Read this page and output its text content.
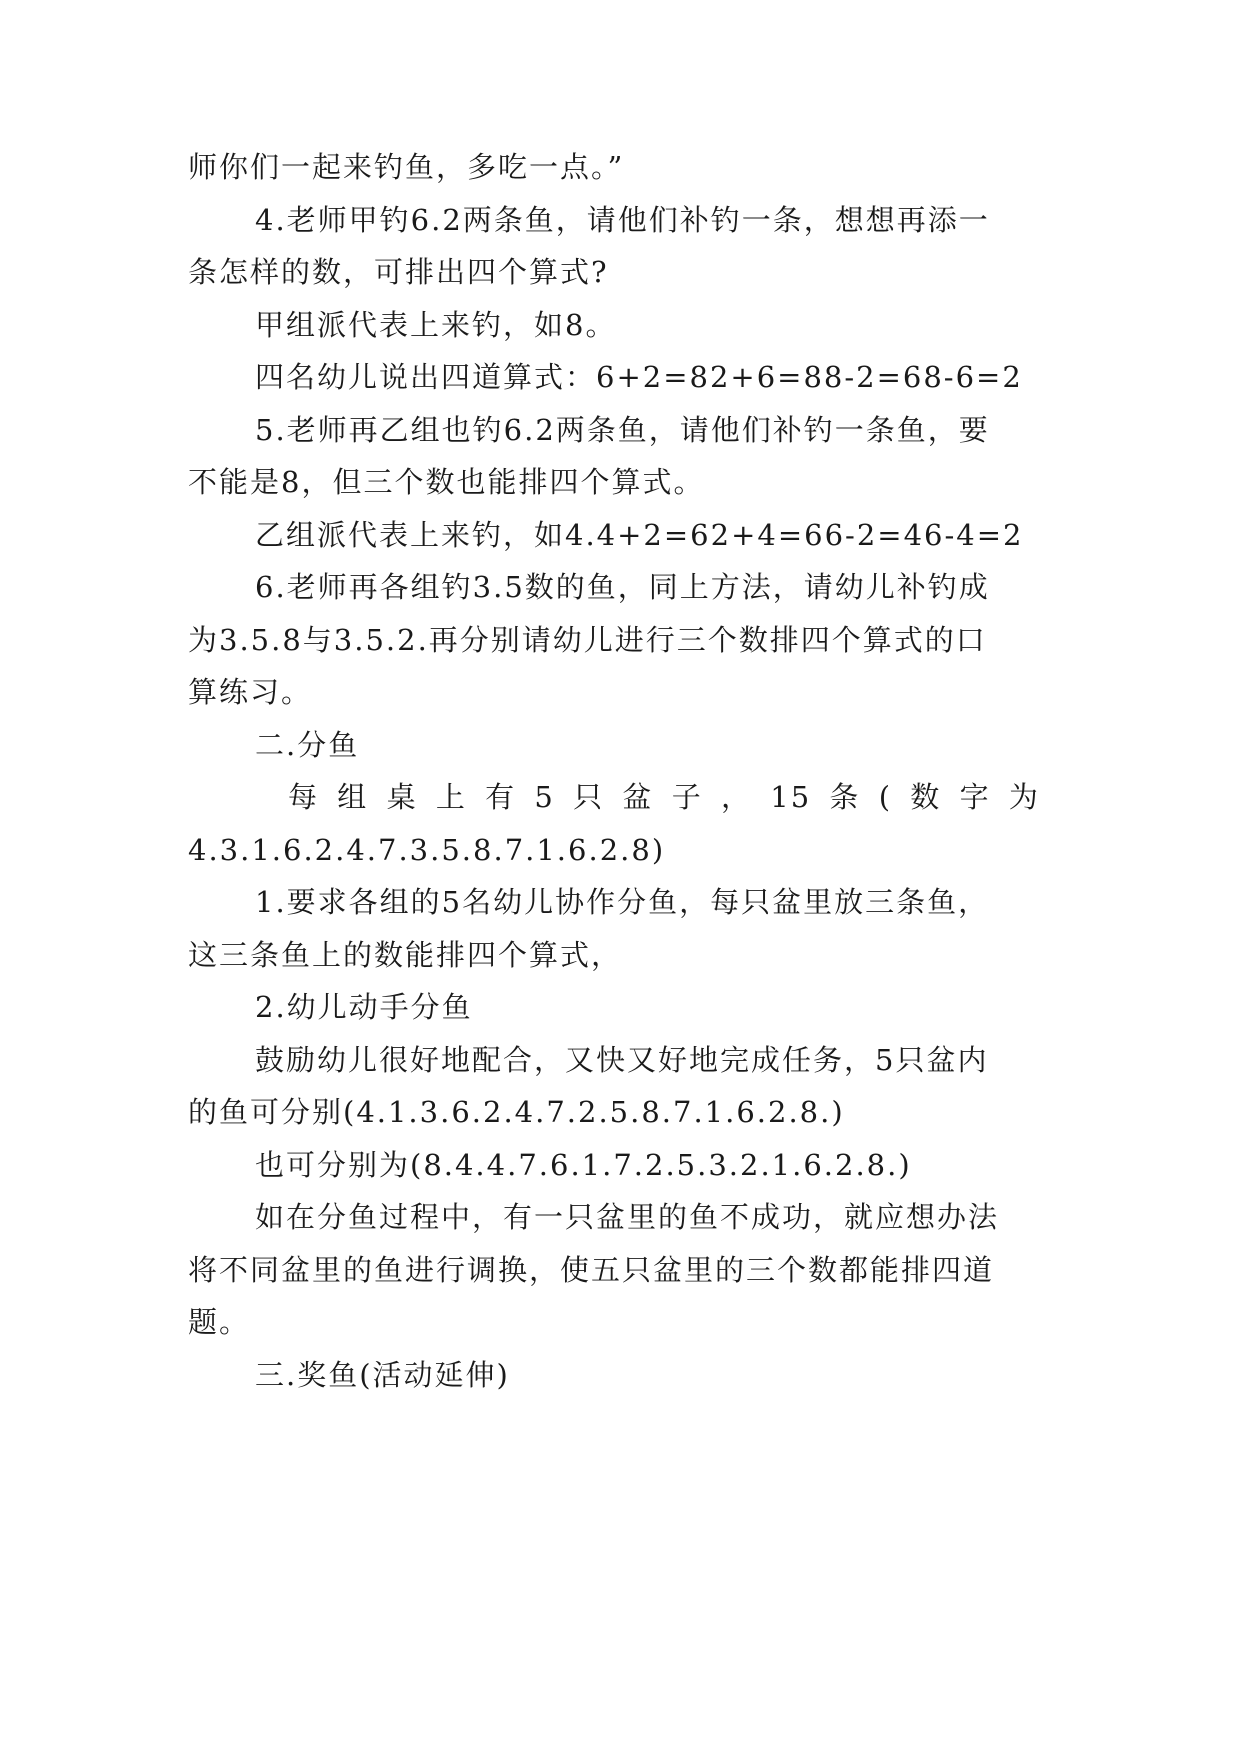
师你们一起来钓鱼，多吃一点。”
4.老师甲钓6.2两条鱼，请他们补钓一条，想想再添一
条怎样的数，可排出四个算式?
甲组派代表上来钓，如8。
四名幼儿说出四道算式：6+2=82+6=88-2=68-6=2
5.老师再乙组也钓6.2两条鱼，请他们补钓一条鱼，要
不能是8，但三个数也能排四个算式。
乙组派代表上来钓，如4.4+2=62+4=66-2=46-4=2
6.老师再各组钓3.5数的鱼，同上方法，请幼儿补钓成
为3.5.8与3.5.2.再分别请幼儿进行三个数排四个算式的口
算练习。
二.分鱼
每 组 桌 上 有 5 只 盆 子 ， 15 条 ( 数 字 为
4.3.1.6.2.4.7.3.5.8.7.1.6.2.8)
1.要求各组的5名幼儿协作分鱼，每只盆里放三条鱼，
这三条鱼上的数能排四个算式，
2.幼儿动手分鱼
鼓励幼儿很好地配合，又快又好地完成任务，5只盆内
的鱼可分别(4.1.3.6.2.4.7.2.5.8.7.1.6.2.8.)
也可分别为(8.4.4.7.6.1.7.2.5.3.2.1.6.2.8.)
如在分鱼过程中，有一只盆里的鱼不成功，就应想办法
将不同盆里的鱼进行调换，使五只盆里的三个数都能排四道
题。
三.奖鱼(活动延伸)
